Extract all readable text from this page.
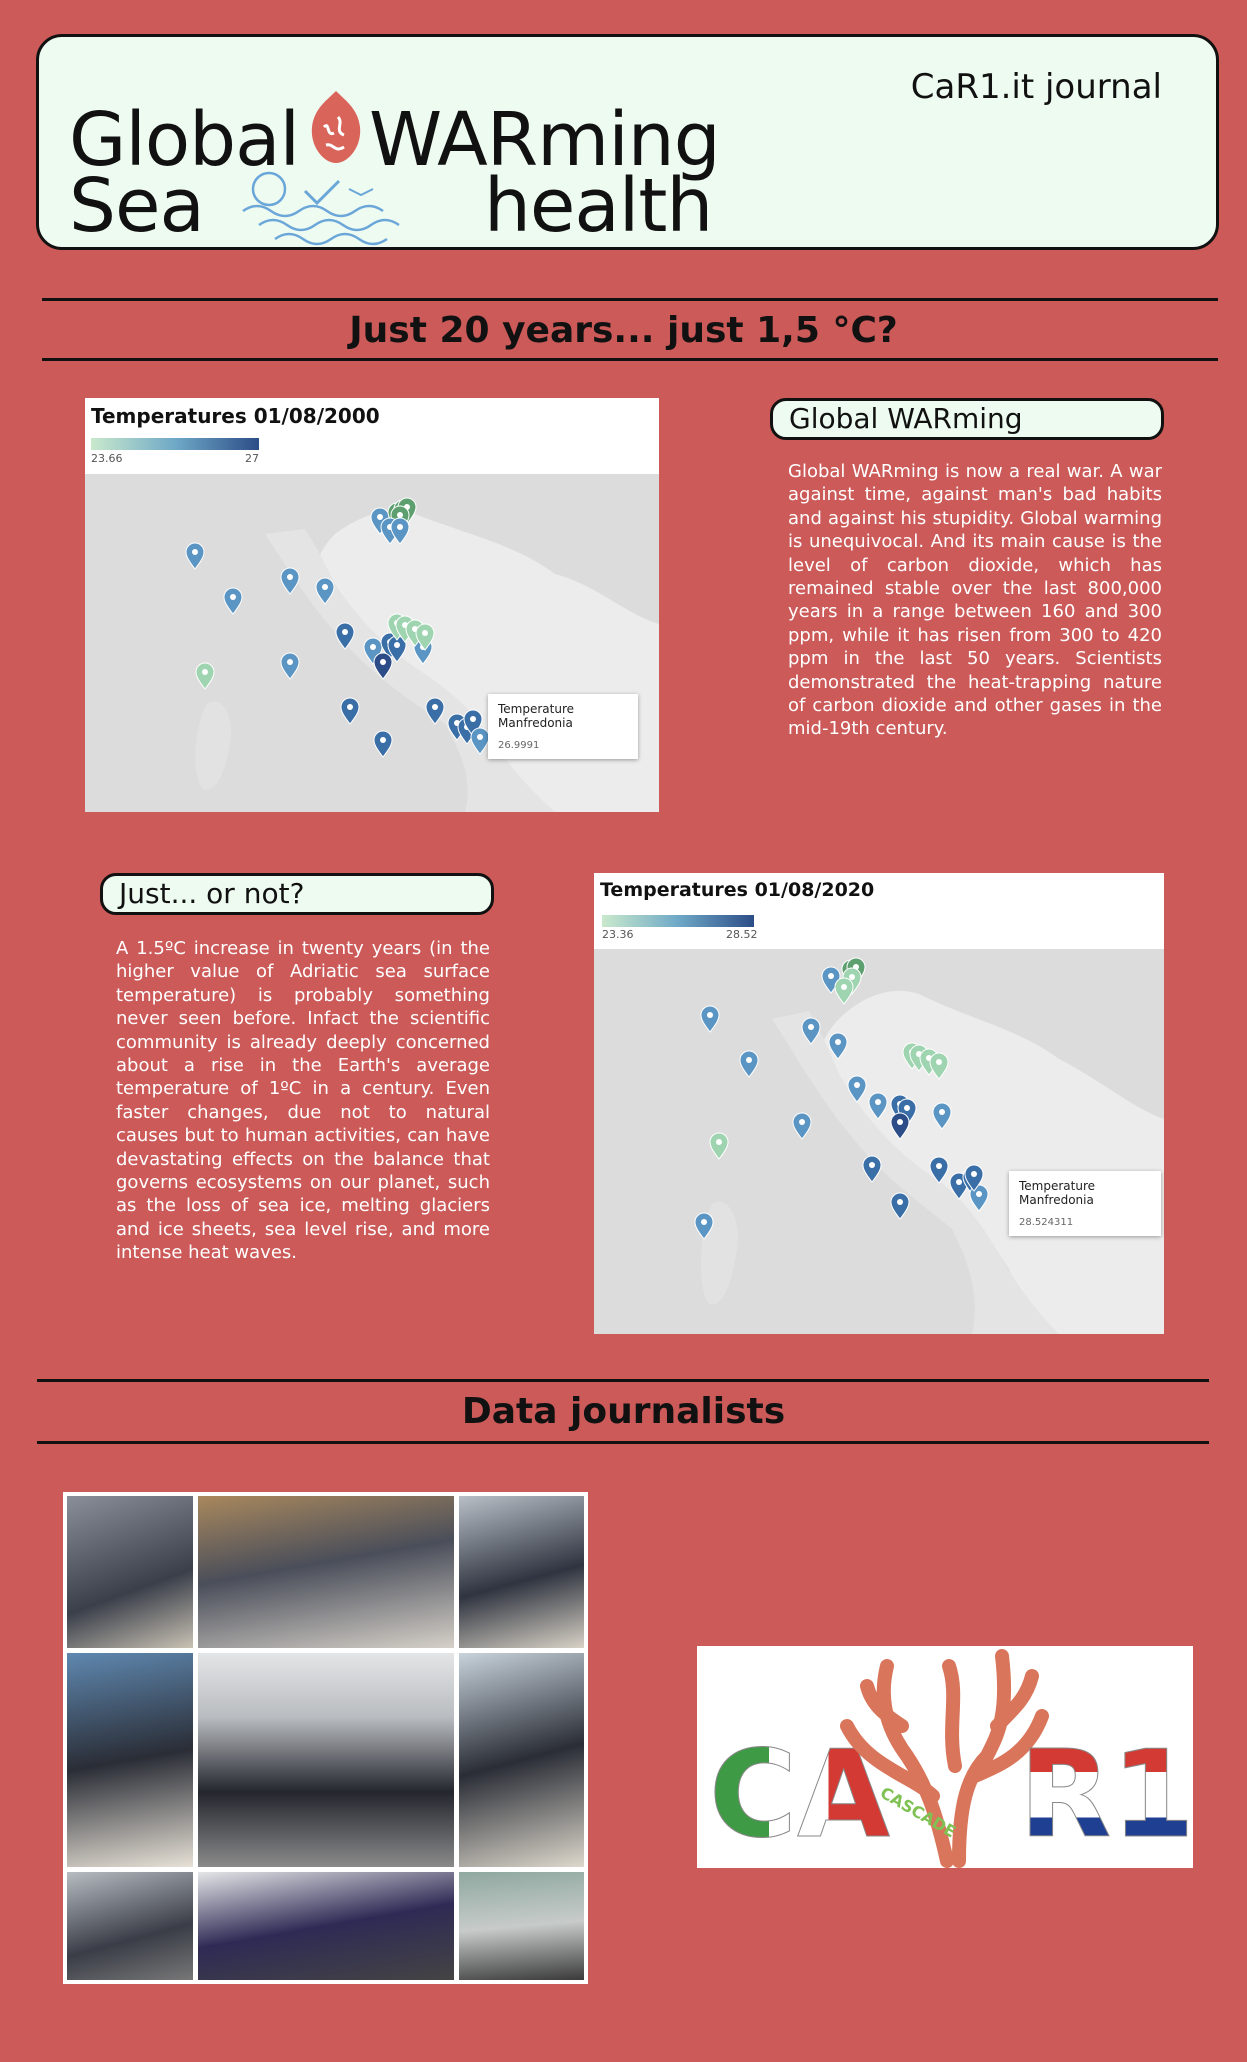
Global WARming
Sea	health
CaR1.it journal
Just 20 years... just 1,5 °C?
Temperatures 01/08/2000
23.66	27
Temperature Manfredonia
26.9991
Global WARming
Global WARming is now a real war. A war against time, against man's bad habits and against his stupidity. Global warming is unequivocal. And its main cause is the level of carbon dioxide, which has remained stable over the last 800,000 years in a range between 160 and 300 ppm, while it has risen from 300 to 420 ppm in the last 50 years. Scientists demonstrated the heat-trapping nature of carbon dioxide and other gases in the mid-19th century.
Just... or not?
A 1.5ºC increase in twenty years (in the higher value of Adriatic sea surface temperature) is probably something never seen before. Infact the scientific community is already deeply concerned about a rise in the Earth's average temperature of 1ºC in a century. Even faster changes, due not to natural causes but to human activities, can have devastating effects on the balance that governs ecosystems on our planet, such as the loss of sea ice, melting glaciers and ice sheets, sea level rise, and more intense heat waves.
Temperatures 01/08/2020
23.36	28.52
Temperature Manfredonia
28.524311
Data journalists
CA
CASCADE R1
